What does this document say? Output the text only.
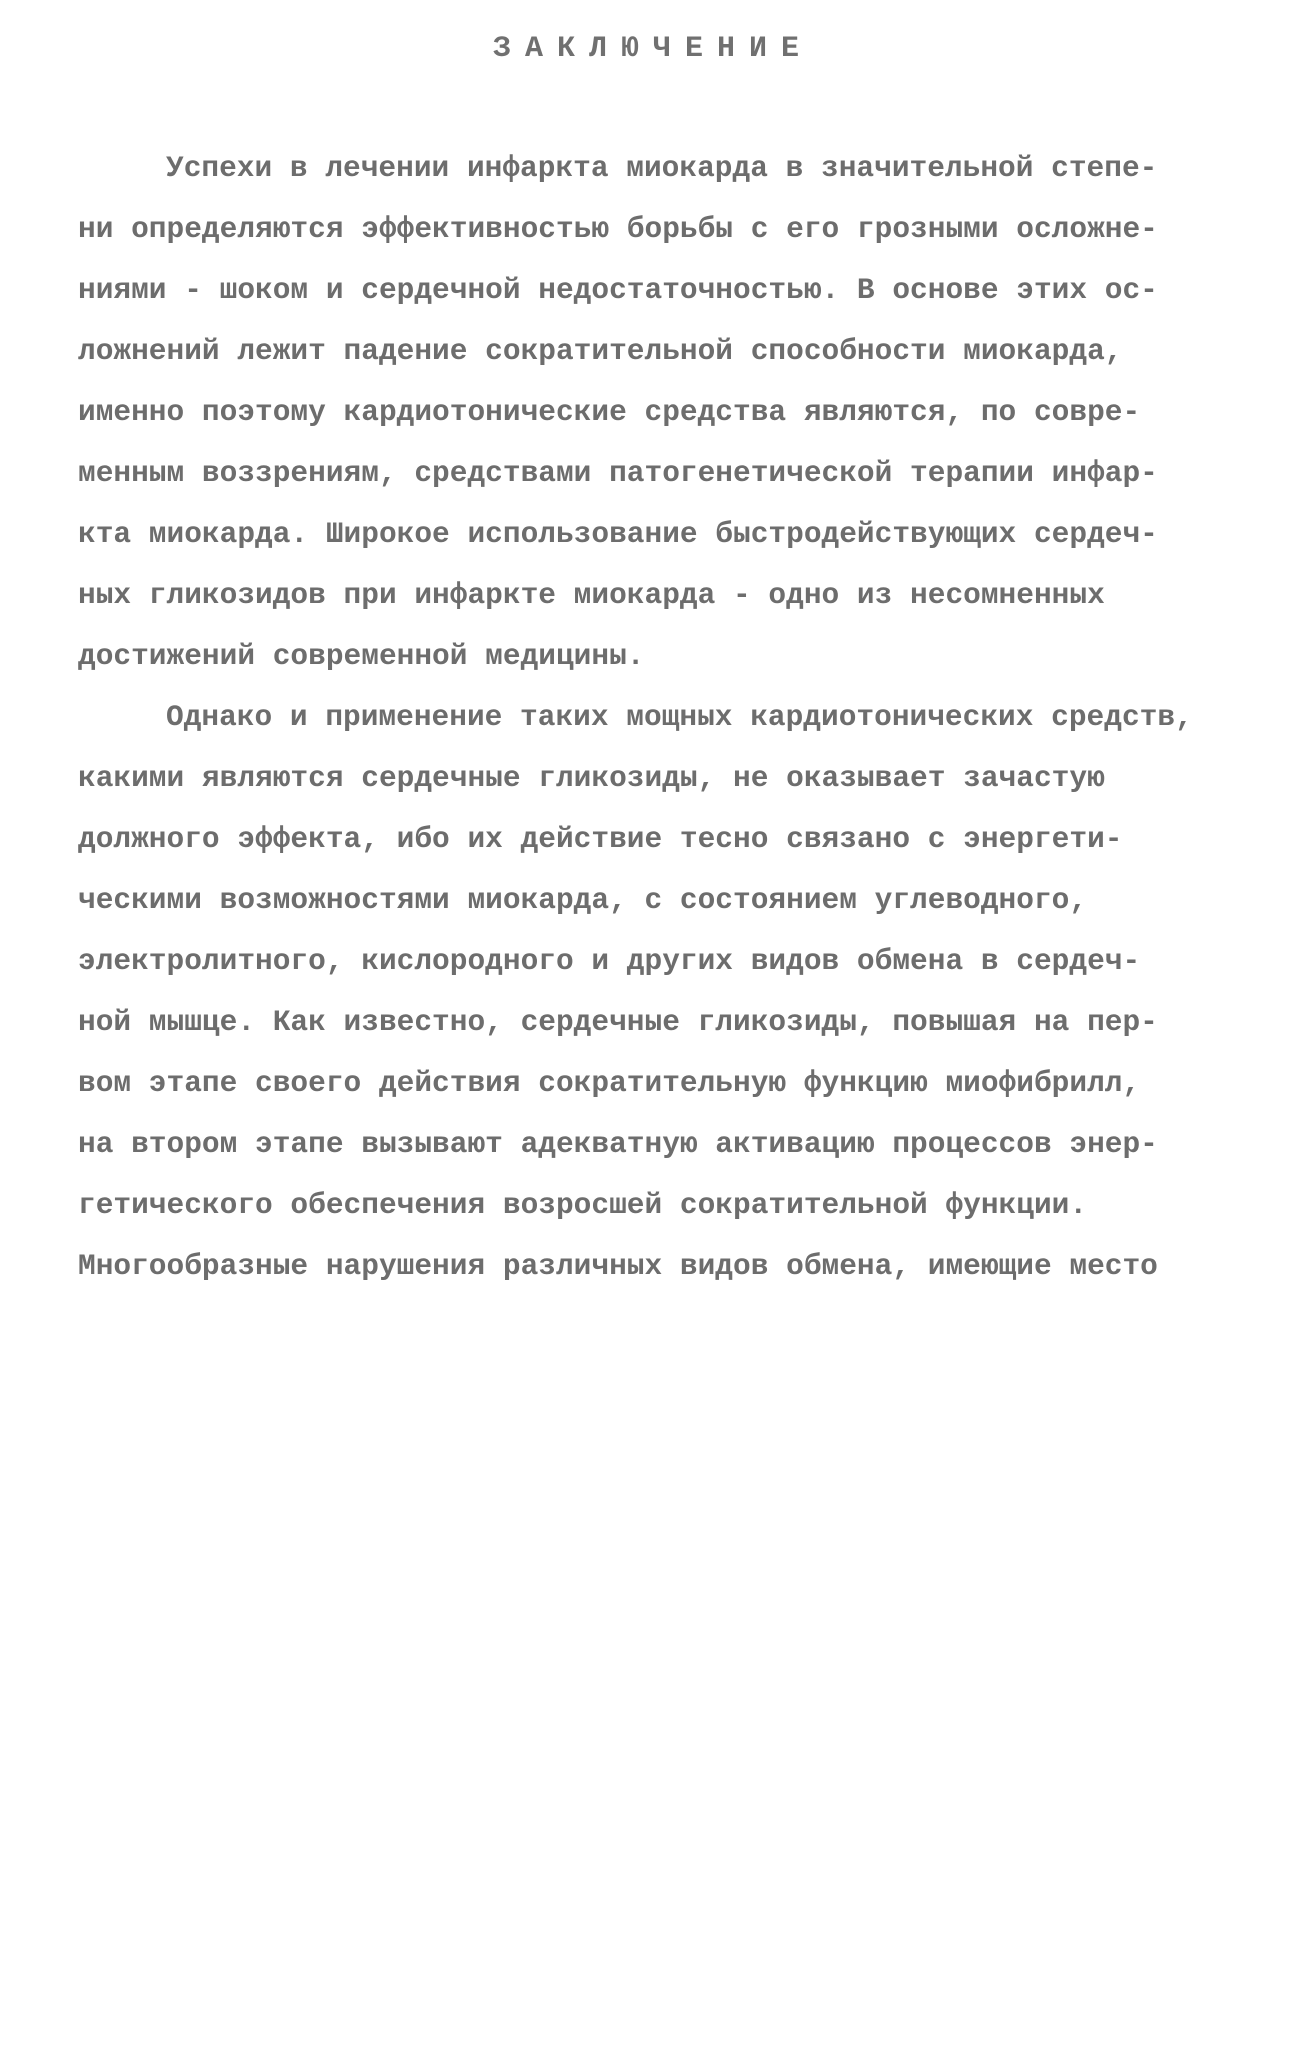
ЗАКЛЮЧЕНИЕ
Успехи в лечении инфаркта миокарда в значительной степе-
ни определяются эффективностью борьбы с его грозными осложне-
ниями - шоком и сердечной недостаточностью. В основе этих ос-
ложнений лежит падение сократительной способности миокарда,
именно поэтому кардиотонические средства являются, по совре-
менным воззрениям, средствами патогенетической терапии инфар-
кта миокарда. Широкое использование быстродействующих сердеч-
ных гликозидов при инфаркте миокарда - одно из несомненных
достижений современной медицины.
Однако и применение таких мощных кардиотонических средств,
какими являются сердечные гликозиды, не оказывает зачастую
должного эффекта, ибо их действие тесно связано с энергети-
ческими возможностями миокарда, с состоянием углеводного,
электролитного, кислородного и других видов обмена в сердеч-
ной мышце. Как известно, сердечные гликозиды, повышая на пер-
вом этапе своего действия сократительную функцию миофибрилл,
на втором этапе вызывают адекватную активацию процессов энер-
гетического обеспечения возросшей сократительной функции.
Многообразные нарушения различных видов обмена, имеющие место
